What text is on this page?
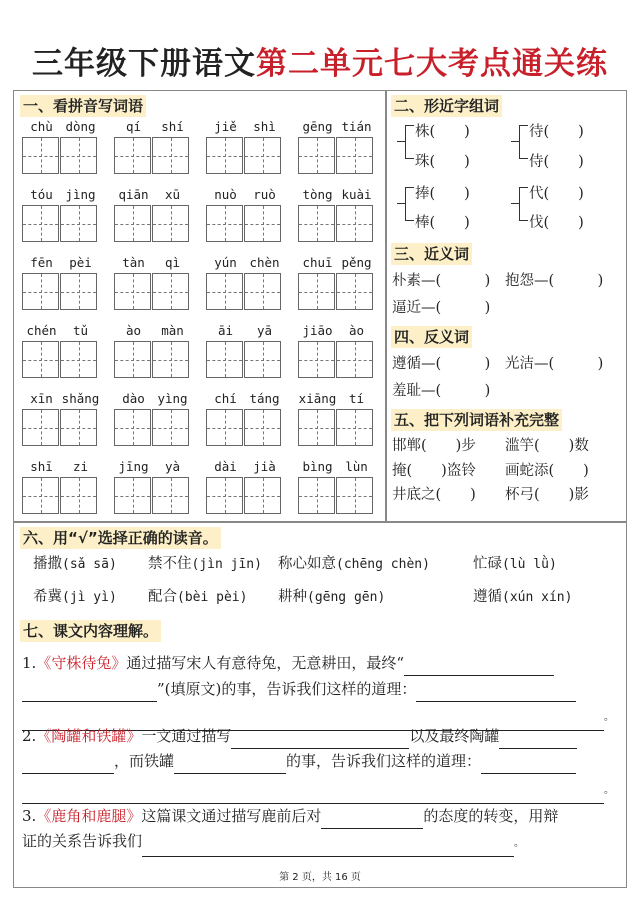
三年级下册语文第二单元七大考点通关练
一、看拼音写词语
chù	dòng	qí	shí	jiě	shì	gēng tián
tóu	jìng	qiān	xū	nuò	ruò	tòng kuài
fēn	pèi	tàn	qì	yún	chèn	chuī pěng
chén	tǔ	ào	màn	āi	yā	jiāo	ào
xīn shǎng	dào	yìng	chí	táng	xiāng	tí
shī	zi	jīng	yà	dài	jià	bìng	lùn
二、形近字组词
株(　　)
珠(　　)
待(　　)
侍(　　)
捧(　　)
棒(　　)
代(　　)
伐(　　)
三、近义词
朴素—(　　　) 抱怨—(　　　)
逼近—(　　　)
四、反义词
遵循—(　　　) 光洁—(　　　)
羞耻—(　　　)
五、把下列词语补充完整
邯郸(　　)步 滥竽(　　)数
掩(　　)盗铃 画蛇添(　　)
井底之(　　) 杯弓(　　)影
六、用“√”选择正确的读音。
播撒(sǎ sā) 禁不住(jìn jīn) 称心如意(chēng chèn)	忙碌(lù lǜ)
希冀(jì yì) 配合(bèi pèi) 耕种(gēng gēn)	遵循(xún xín)
七、课文内容理解。
1.《守株待兔》通过描写宋人有意待兔，无意耕田，最终“
”(填原文)的事，告诉我们这样的道理：
。
2.《陶罐和铁罐》一文通过描写	以及最终陶罐
，而铁罐	的事，告诉我们这样的道理：
。
3.《鹿角和鹿腿》这篇课文通过描写鹿前后对	的态度的转变，用辩
证的关系告诉我们	。
第 2 页，共 16 页
